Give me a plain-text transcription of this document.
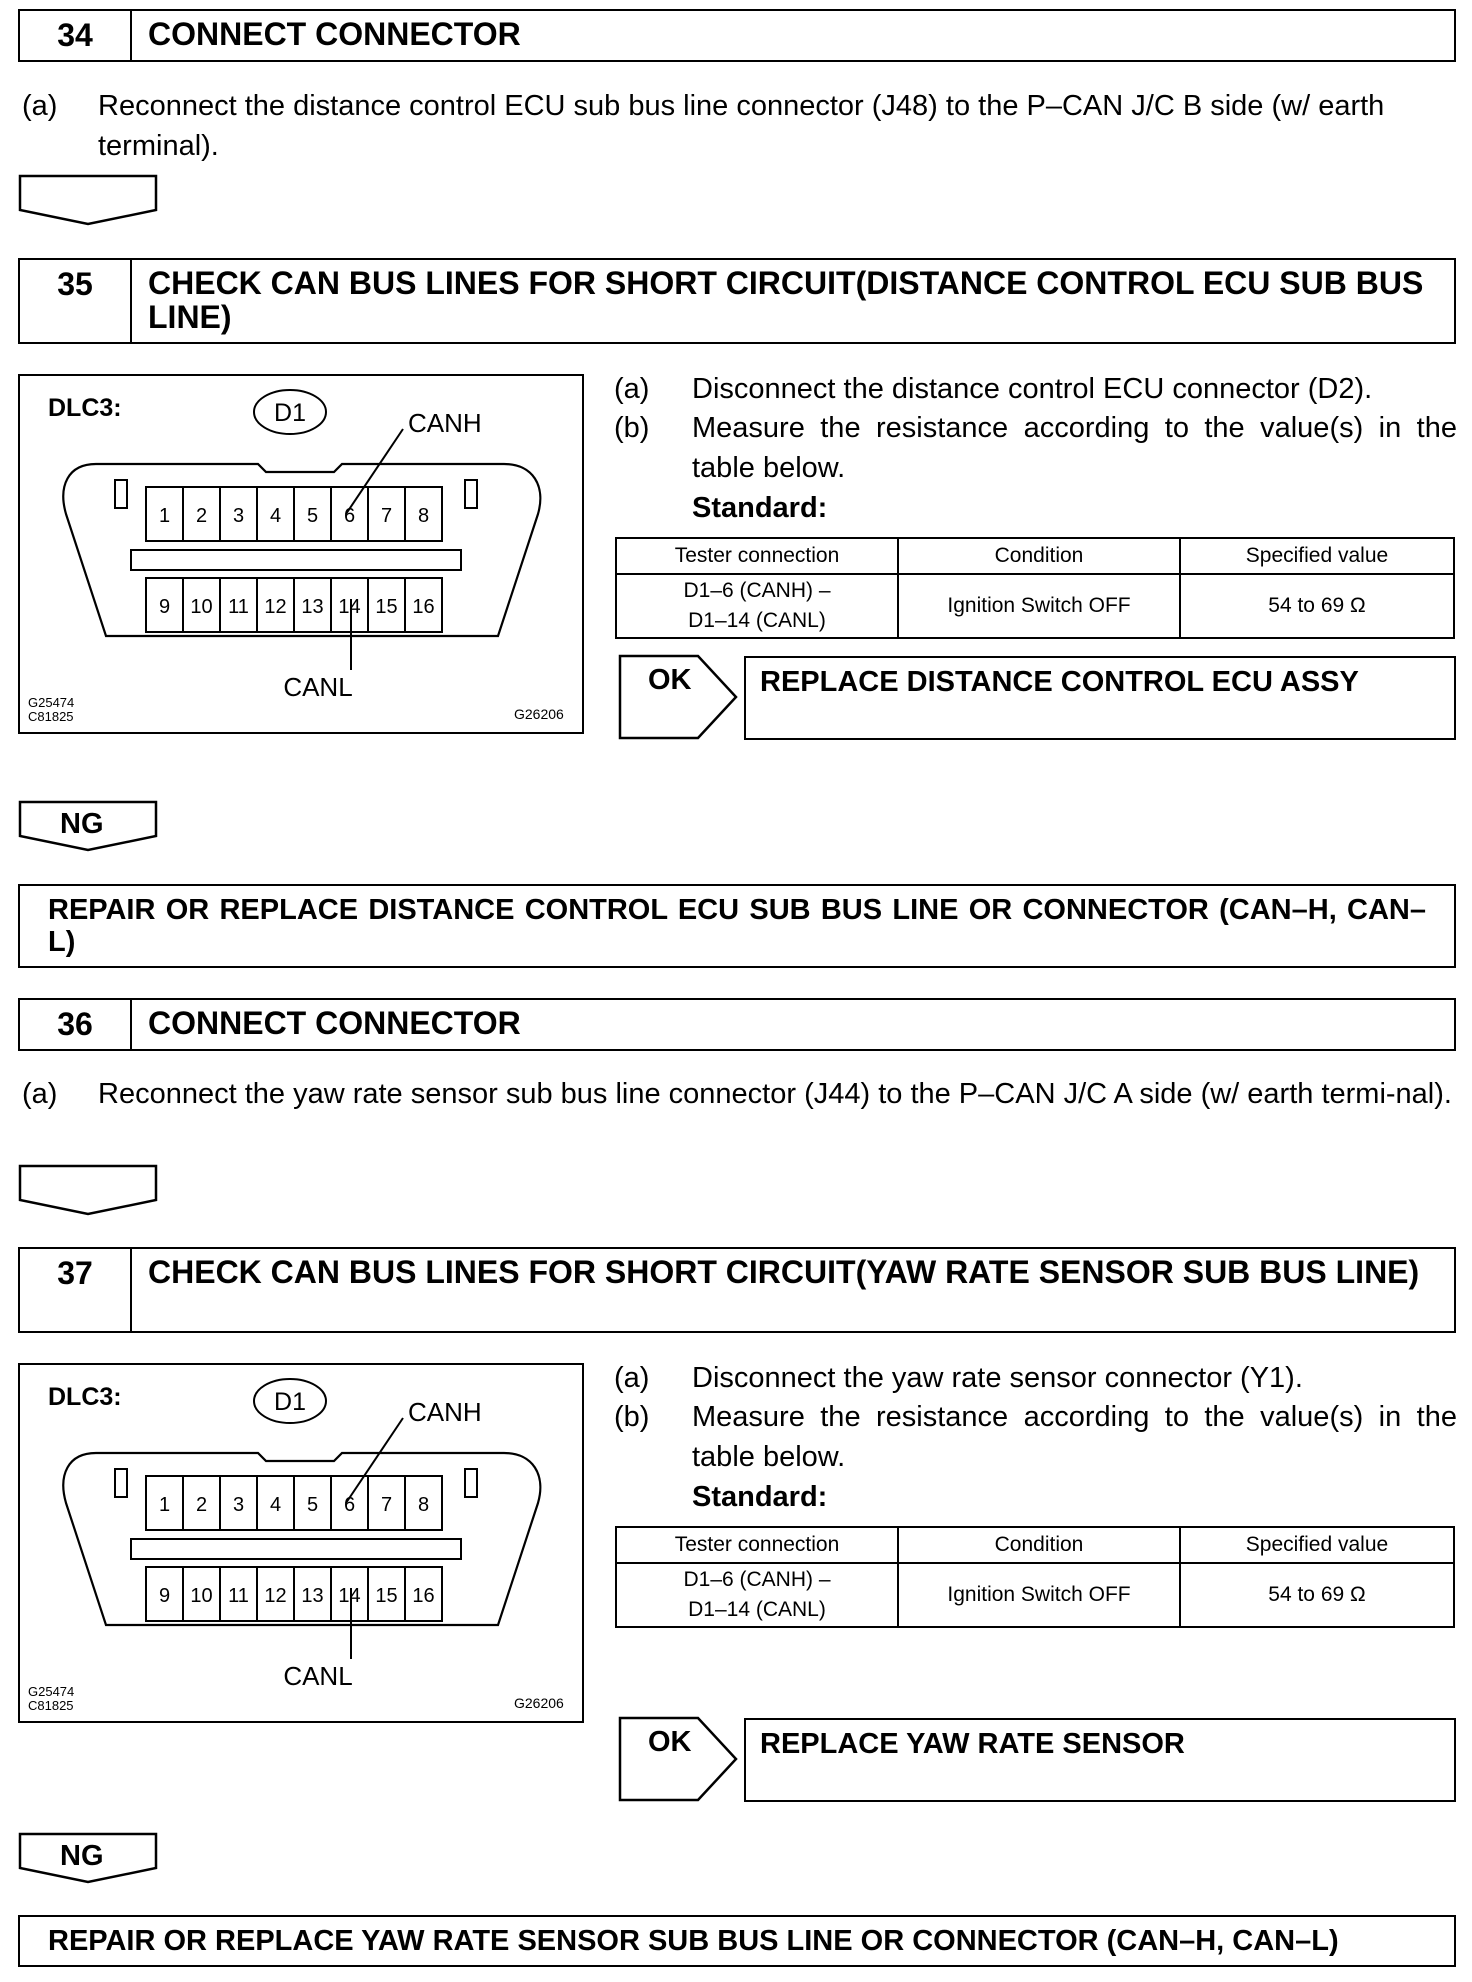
34	CONNECT CONNECTOR
(a) Reconnect the distance control ECU sub bus line connector (J48) to the P–CAN J/C B side (w/ earth terminal).
35	CHECK CAN BUS LINES FOR SHORT CIRCUIT(DISTANCE CONTROL ECU SUB BUS LINE)
DLC3:	D1	CANH
CANL
G25474
C81825	G26206
1 2 3 4 5 6 7 8
9 10 11 12 13 14 15 16
(a) Disconnect the distance control ECU connector (D2).
(b) Measure the resistance according to the value(s) in the table below.
Standard:
Tester connection	Condition	Specified value

D1–6 (CANH) –
D1–14 (CANL)	Ignition Switch OFF	54 to 69 Ω
OK	REPLACE DISTANCE CONTROL ECU ASSY
NG
REPAIR OR REPLACE DISTANCE CONTROL ECU SUB BUS LINE OR CONNECTOR (CAN–H, CAN–L)
36	CONNECT CONNECTOR
(a) Reconnect the yaw rate sensor sub bus line connector (J44) to the P–CAN J/C A side (w/ earth termi-nal).
37	CHECK CAN BUS LINES FOR SHORT CIRCUIT(YAW RATE SENSOR SUB BUS LINE)
DLC3:	D1	CANH
CANL
G25474
C81825	G26206
1 2 3 4 5 6 7 8
9 10 11 12 13 14 15 16
(a) Disconnect the yaw rate sensor connector (Y1).
(b) Measure the resistance according to the value(s) in the table below.
Standard:
Tester connection	Condition	Specified value

D1–6 (CANH) –
D1–14 (CANL)	Ignition Switch OFF	54 to 69 Ω
OK	REPLACE YAW RATE SENSOR
NG
REPAIR OR REPLACE YAW RATE SENSOR SUB BUS LINE OR CONNECTOR (CAN–H, CAN–L)
